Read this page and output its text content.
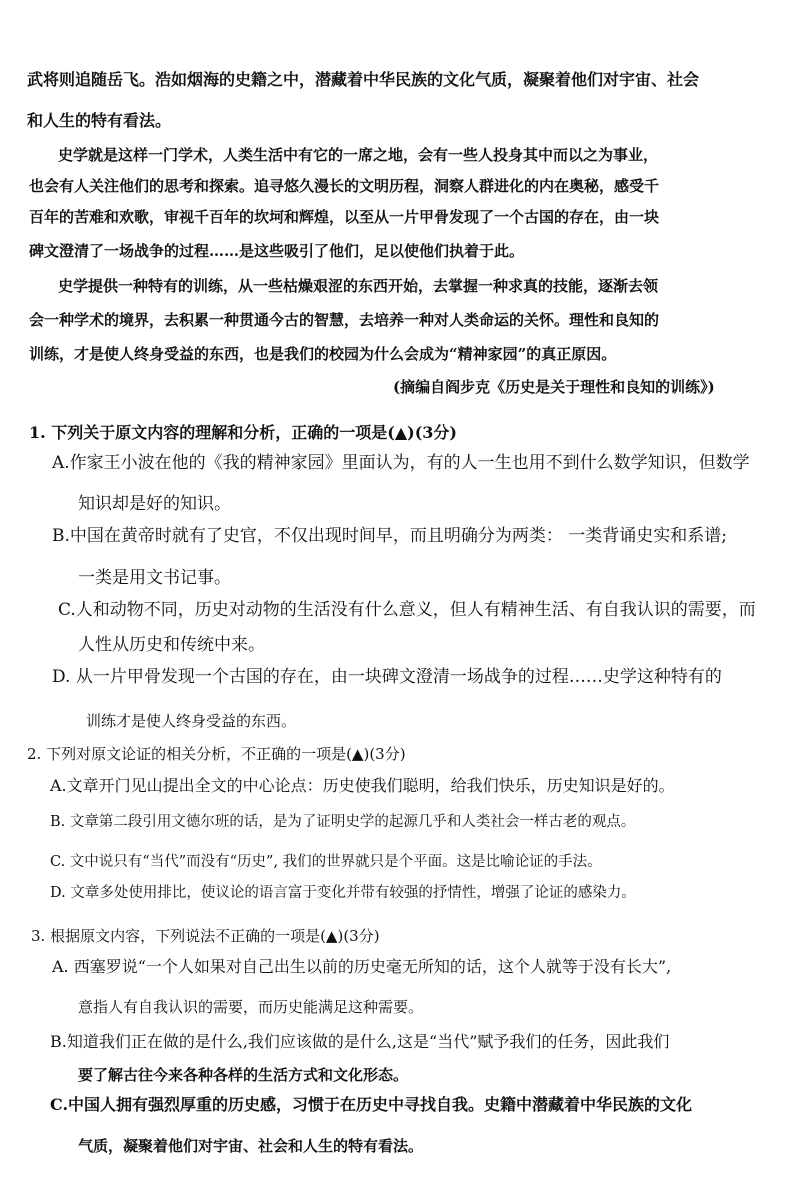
武将则追随岳飞。浩如烟海的史籍之中，潜藏着中华民族的文化气质，凝聚着他们对宇宙、社会
和人生的特有看法。
史学就是这样一门学术，人类生活中有它的一席之地，会有一些人投身其中而以之为事业，
也会有人关注他们的思考和探索。追寻悠久漫长的文明历程，洞察人群进化的内在奥秘，感受千
百年的苦难和欢歌，审视千百年的坎坷和辉煌，以至从一片甲骨发现了一个古国的存在，由一块
碑文澄清了一场战争的过程……是这些吸引了他们，足以使他们执着于此。
史学提供一种特有的训练，从一些枯燥艰涩的东西开始，去掌握一种求真的技能，逐渐去领
会一种学术的境界，去积累一种贯通今古的智慧，去培养一种对人类命运的关怀。理性和良知的
训练，才是使人终身受益的东西，也是我们的校园为什么会成为“精神家园”的真正原因。
(摘编自阎步克《历史是关于理性和良知的训练》)
1. 下列关于原文内容的理解和分析，正确的一项是(▲)(3分)
A.作家王小波在他的《我的精神家园》里面认为，有的人一生也用不到什么数学知识，但数学
知识却是好的知识。
B.中国在黄帝时就有了史官，不仅出现时间早，而且明确分为两类： 一类背诵史实和系谱;
一类是用文书记事。
C.人和动物不同，历史对动物的生活没有什么意义，但人有精神生活、有自我认识的需要，而
人性从历史和传统中来。
D. 从一片甲骨发现一个古国的存在，由一块碑文澄清一场战争的过程……史学这种特有的
训练才是使人终身受益的东西。
2. 下列对原文论证的相关分析，不正确的一项是(▲)(3分)
A.文章开门见山提出全文的中心论点：历史使我们聪明，给我们快乐，历史知识是好的。
B. 文章第二段引用文德尔班的话，是为了证明史学的起源几乎和人类社会一样古老的观点。
C. 文中说只有“当代”而没有“历史”, 我们的世界就只是个平面。这是比喻论证的手法。
D. 文章多处使用排比，使议论的语言富于变化并带有较强的抒情性，增强了论证的感染力。
3. 根据原文内容，下列说法不正确的一项是(▲)(3分)
A. 西塞罗说“一个人如果对自己出生以前的历史毫无所知的话，这个人就等于没有长大”,
意指人有自我认识的需要，而历史能满足这种需要。
B.知道我们正在做的是什么,我们应该做的是什么,这是“当代”赋予我们的任务，因此我们
要了解古往今来各种各样的生活方式和文化形态。
C.中国人拥有强烈厚重的历史感，习惯于在历史中寻找自我。史籍中潜藏着中华民族的文化
气质，凝聚着他们对宇宙、社会和人生的特有看法。
